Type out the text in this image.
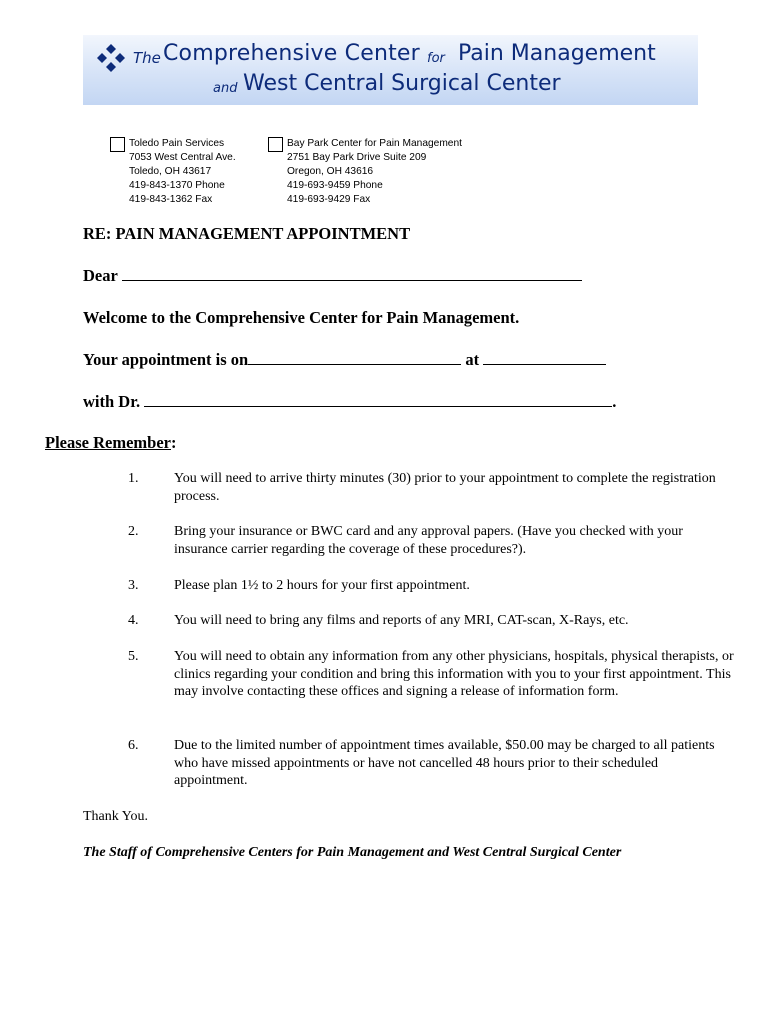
The Comprehensive Center for Pain Management
and West Central Surgical Center
Toledo Pain Services
7053 West Central Ave.
Toledo, OH 43617
419-843-1370 Phone
419-843-1362 Fax
Bay Park Center for Pain Management
2751 Bay Park Drive Suite 209
Oregon, OH 43616
419-693-9459 Phone
419-693-9429 Fax
RE: PAIN MANAGEMENT APPOINTMENT
Dear
Welcome to the Comprehensive Center for Pain Management.
Your appointment is on	at
with Dr.	.
Please Remember:
1.	You will need to arrive thirty minutes (30) prior to your appointment to complete the registration process.
2.	Bring your insurance or BWC card and any approval papers. (Have you checked with your insurance carrier regarding the coverage of these procedures?).
3.	Please plan 1½ to 2 hours for your first appointment.
4.	You will need to bring any films and reports of any MRI, CAT-scan, X-Rays, etc.
5.	You will need to obtain any information from any other physicians, hospitals, physical therapists, or clinics regarding your condition and bring this information with you to your first appointment. This may involve contacting these offices and signing a release of information form.
6.	Due to the limited number of appointment times available, $50.00 may be charged to all patients who have missed appointments or have not cancelled 48 hours prior to their scheduled appointment.
Thank You.
The Staff of Comprehensive Centers for Pain Management and West Central Surgical Center
